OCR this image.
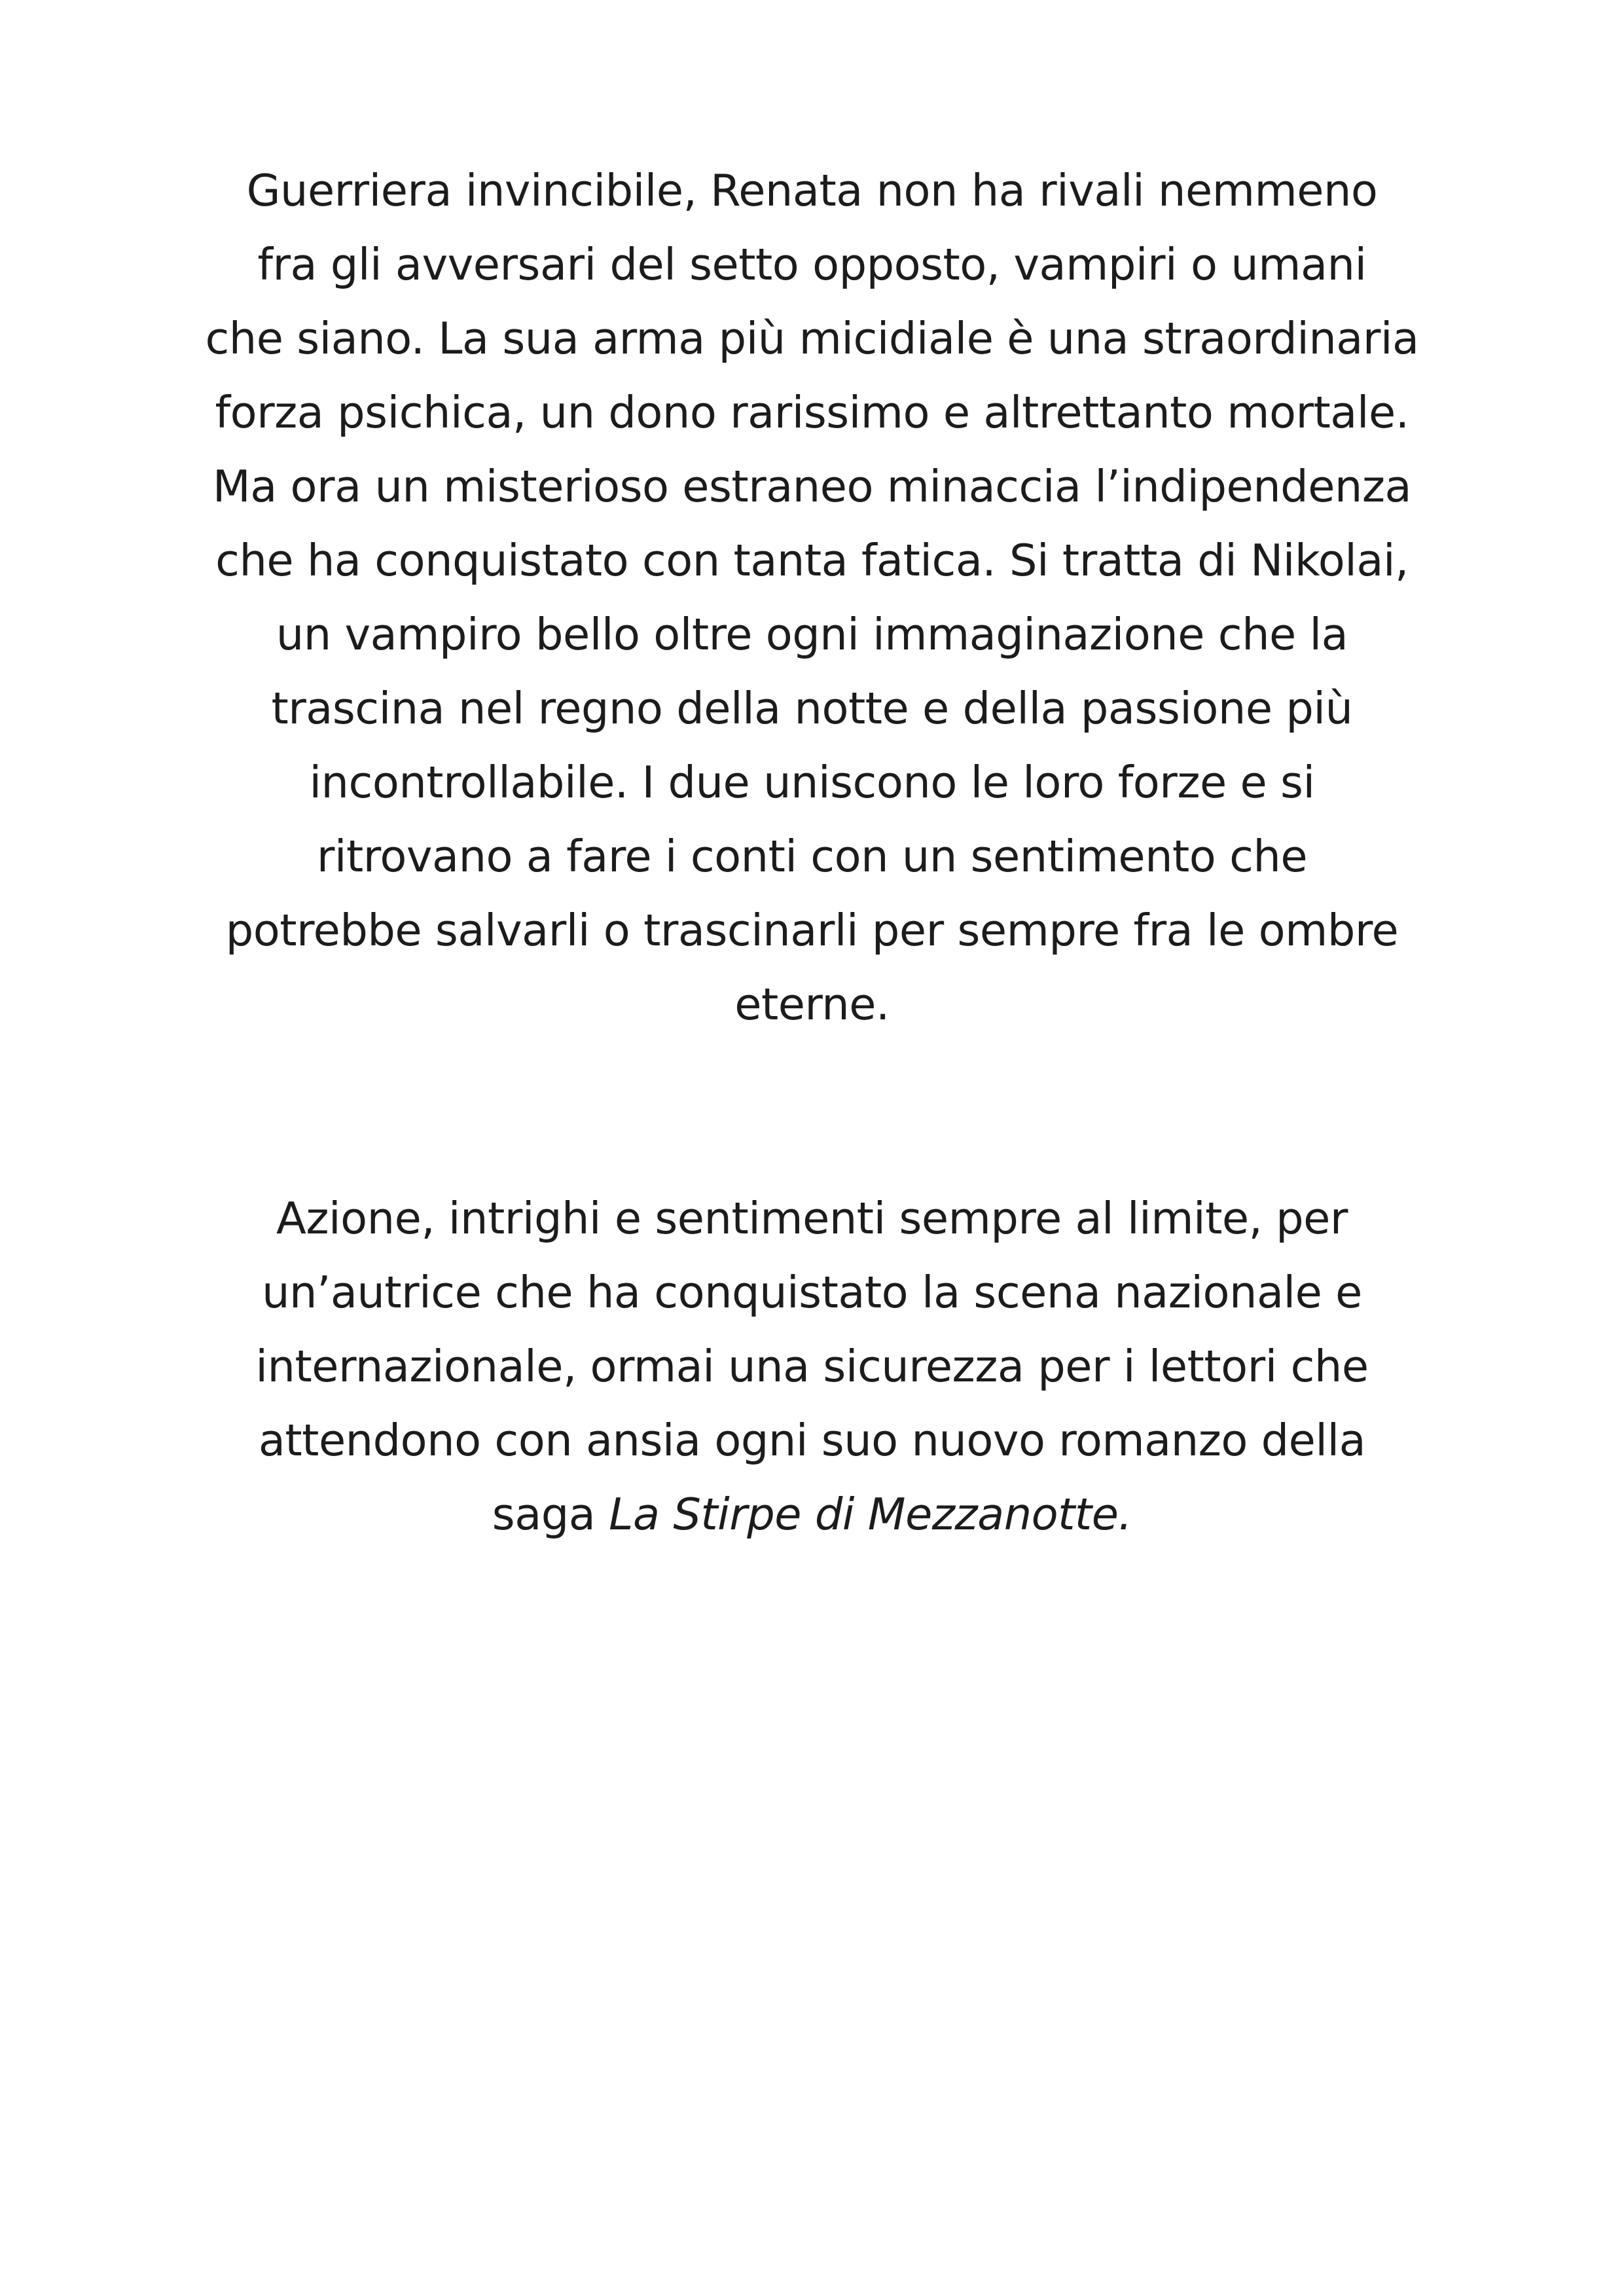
Guerriera invincibile, Renata non ha rivali nemmeno
fra gli avversari del setto opposto, vampiri o umani
che siano. La sua arma più micidiale è una straordinaria
forza psichica, un dono rarissimo e altrettanto mortale.
Ma ora un misterioso estraneo minaccia l’indipendenza
che ha conquistato con tanta fatica. Si tratta di Nikolai,
un vampiro bello oltre ogni immaginazione che la
trascina nel regno della notte e della passione più
incontrollabile. I due uniscono le loro forze e si
ritrovano a fare i conti con un sentimento che
potrebbe salvarli o trascinarli per sempre fra le ombre
eterne.
Azione, intrighi e sentimenti sempre al limite, per
un’autrice che ha conquistato la scena nazionale e
internazionale, ormai una sicurezza per i lettori che
attendono con ansia ogni suo nuovo romanzo della
saga La Stirpe di Mezzanotte.
